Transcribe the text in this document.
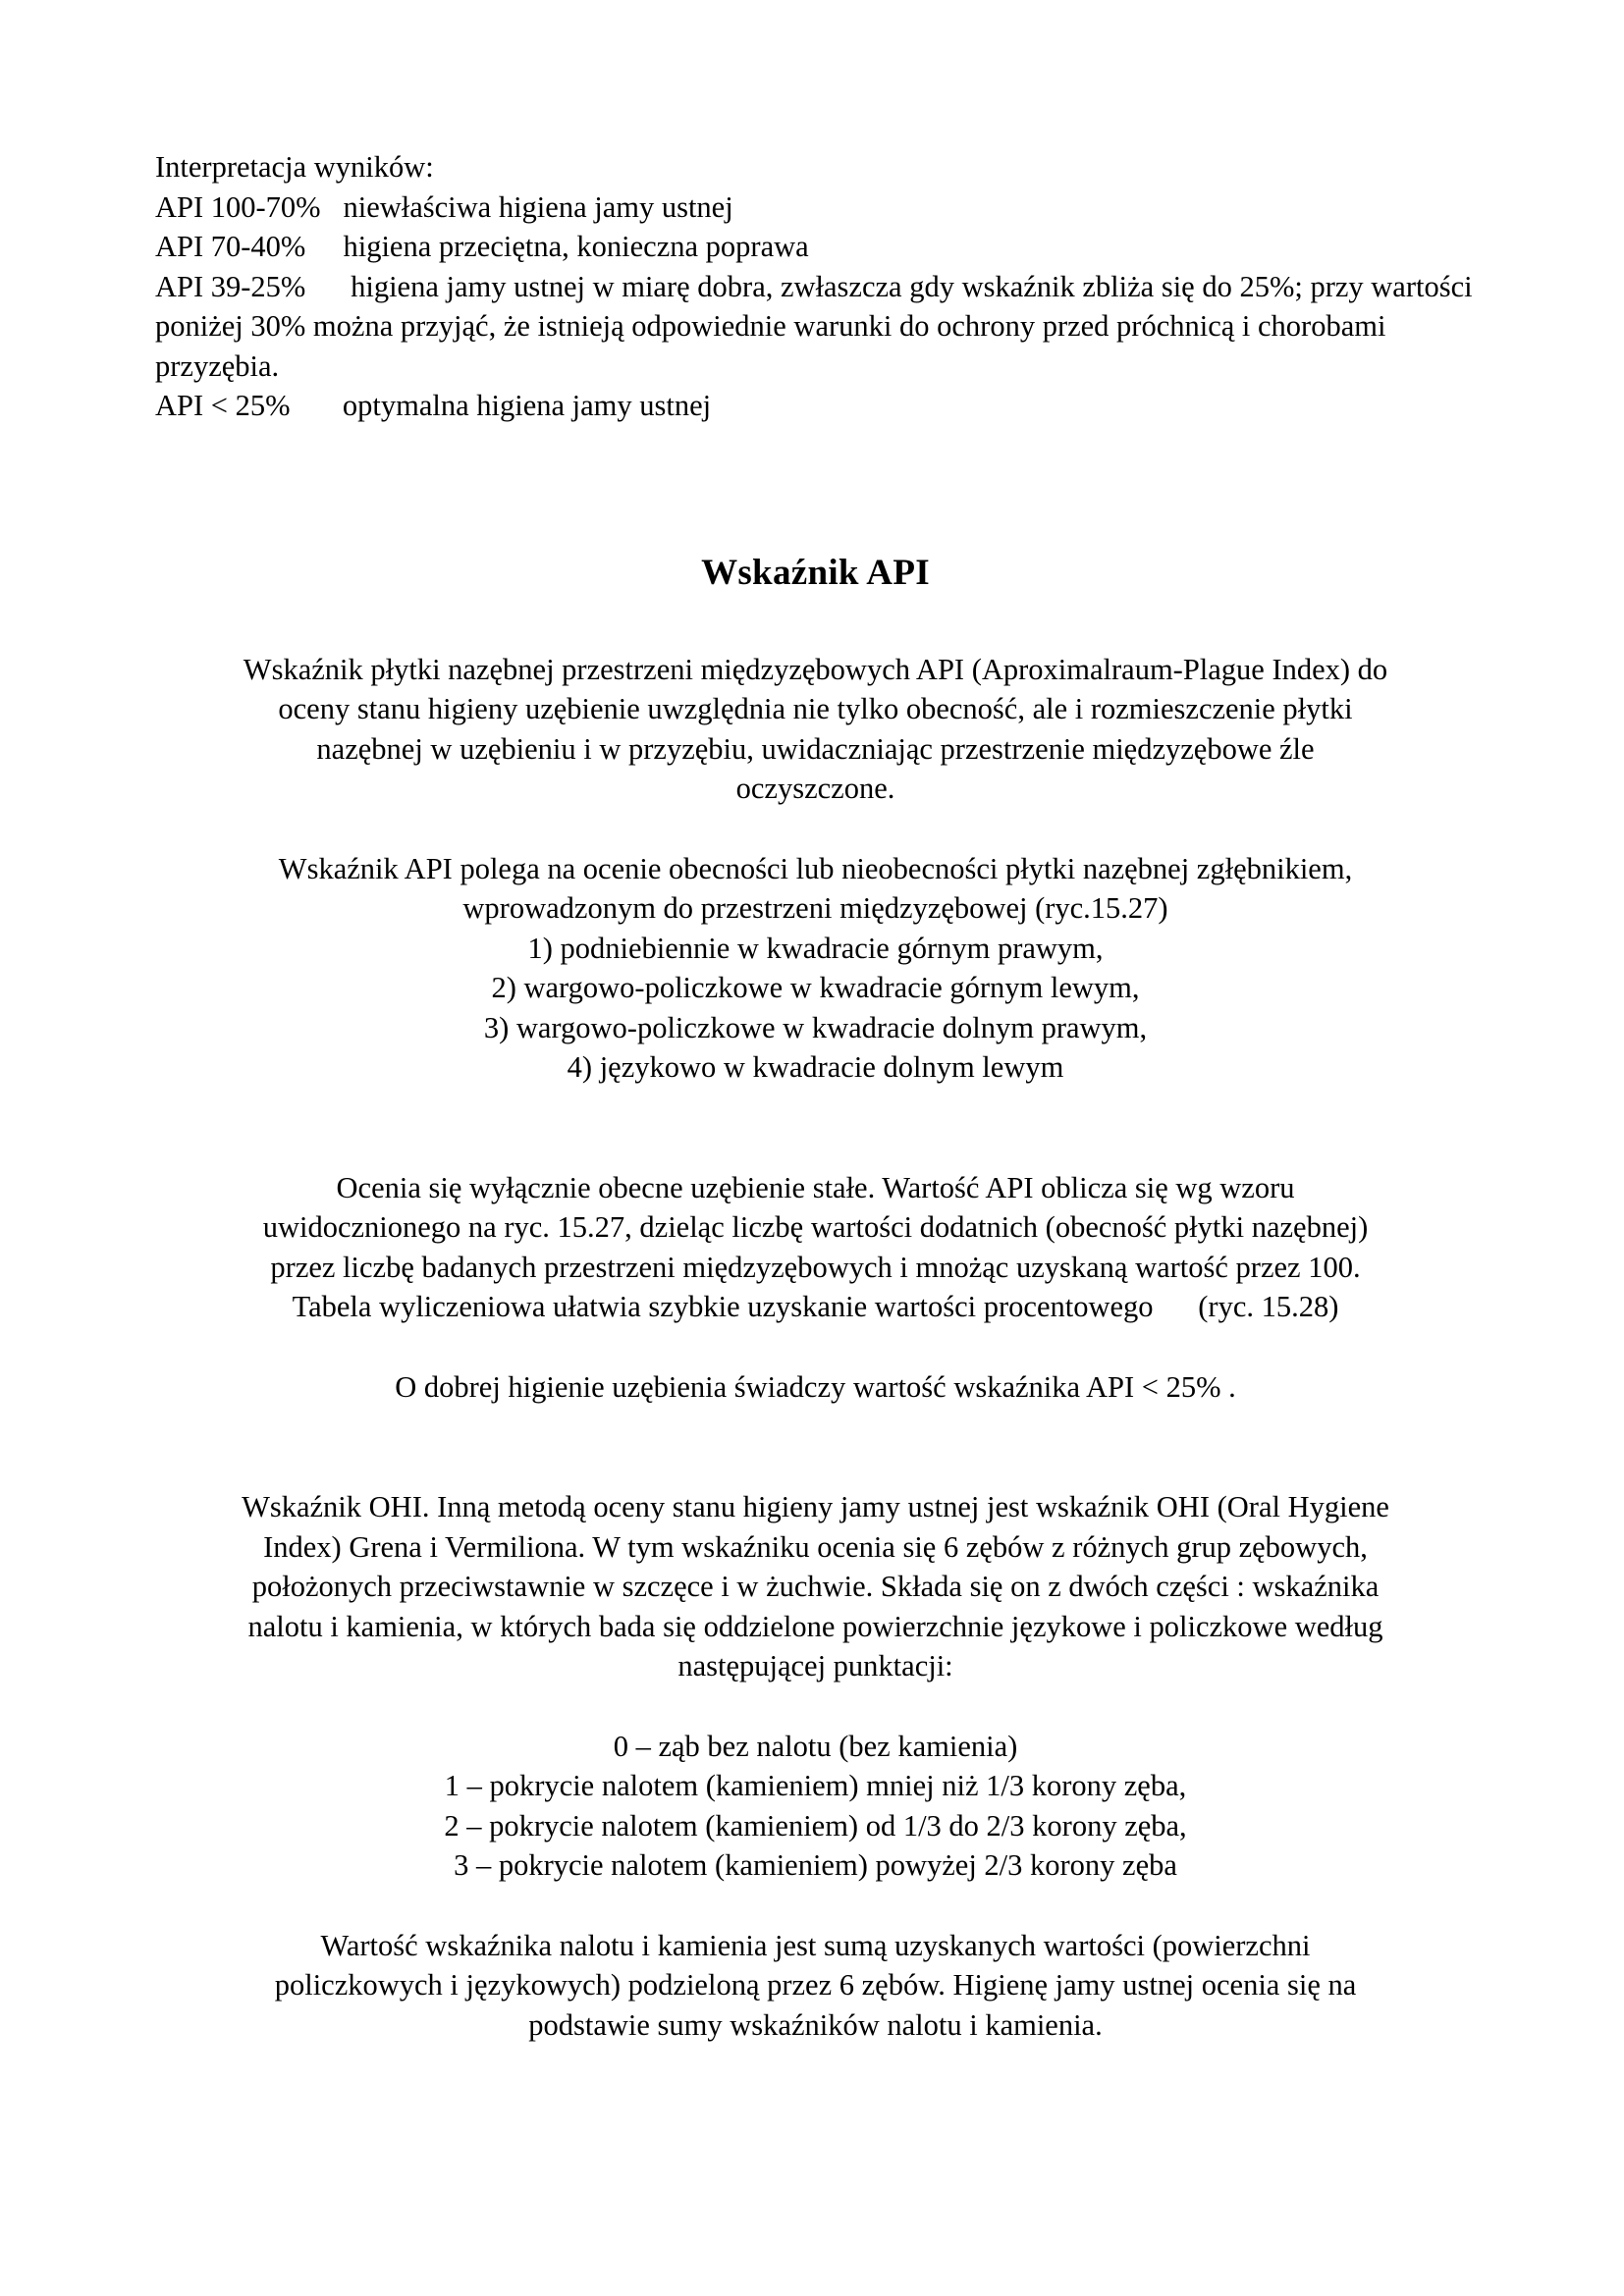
Interpretacja wyników:
API 100-70% niewłaściwa higiena jamy ustnej
API 70-40% higiena przeciętna, konieczna poprawa
API 39-25% higiena jamy ustnej w miarę dobra, zwłaszcza gdy wskaźnik zbliża się do 25%; przy wartości poniżej 30% można przyjąć, że istnieją odpowiednie warunki do ochrony przed próchnicą i chorobami przyzębia.
API < 25% optymalna higiena jamy ustnej
Wskaźnik API
Wskaźnik płytki nazębnej przestrzeni międzyzębowych API (Aproximalraum-Plague Index) do
oceny stanu higieny uzębienie uwzględnia nie tylko obecność, ale i rozmieszczenie płytki
nazębnej w uzębieniu i w przyzębiu, uwidaczniając przestrzenie międzyzębowe źle
oczyszczone.
Wskaźnik API polega na ocenie obecności lub nieobecności płytki nazębnej zgłębnikiem,
wprowadzonym do przestrzeni międzyzębowej (ryc.15.27)
1) podniebiennie w kwadracie górnym prawym,
2) wargowo-policzkowe w kwadracie górnym lewym,
3) wargowo-policzkowe w kwadracie dolnym prawym,
4) językowo w kwadracie dolnym lewym
Ocenia się wyłącznie obecne uzębienie stałe. Wartość API oblicza się wg wzoru
uwidocznionego na ryc. 15.27, dzieląc liczbę wartości dodatnich (obecność płytki nazębnej)
przez liczbę badanych przestrzeni międzyzębowych i mnożąc uzyskaną wartość przez 100.
Tabela wyliczeniowa ułatwia szybkie uzyskanie wartości procentowego      (ryc. 15.28)
O dobrej higienie uzębienia świadczy wartość wskaźnika API < 25% .
Wskaźnik OHI. Inną metodą oceny stanu higieny jamy ustnej jest wskaźnik OHI (Oral Hygiene
Index) Grena i Vermiliona. W tym wskaźniku ocenia się 6 zębów z różnych grup zębowych,
położonych przeciwstawnie w szczęce i w żuchwie. Składa się on z dwóch części : wskaźnika
nalotu i kamienia, w których bada się oddzielone powierzchnie językowe i policzkowe według
następującej punktacji:
0 – ząb bez nalotu (bez kamienia)
1 – pokrycie nalotem (kamieniem) mniej niż 1/3 korony zęba,
2 – pokrycie nalotem (kamieniem) od 1/3 do 2/3 korony zęba,
3 – pokrycie nalotem (kamieniem) powyżej 2/3 korony zęba
Wartość wskaźnika nalotu i kamienia jest sumą uzyskanych wartości (powierzchni
policzkowych i językowych) podzieloną przez 6 zębów. Higienę jamy ustnej ocenia się na
podstawie sumy wskaźników nalotu i kamienia.
